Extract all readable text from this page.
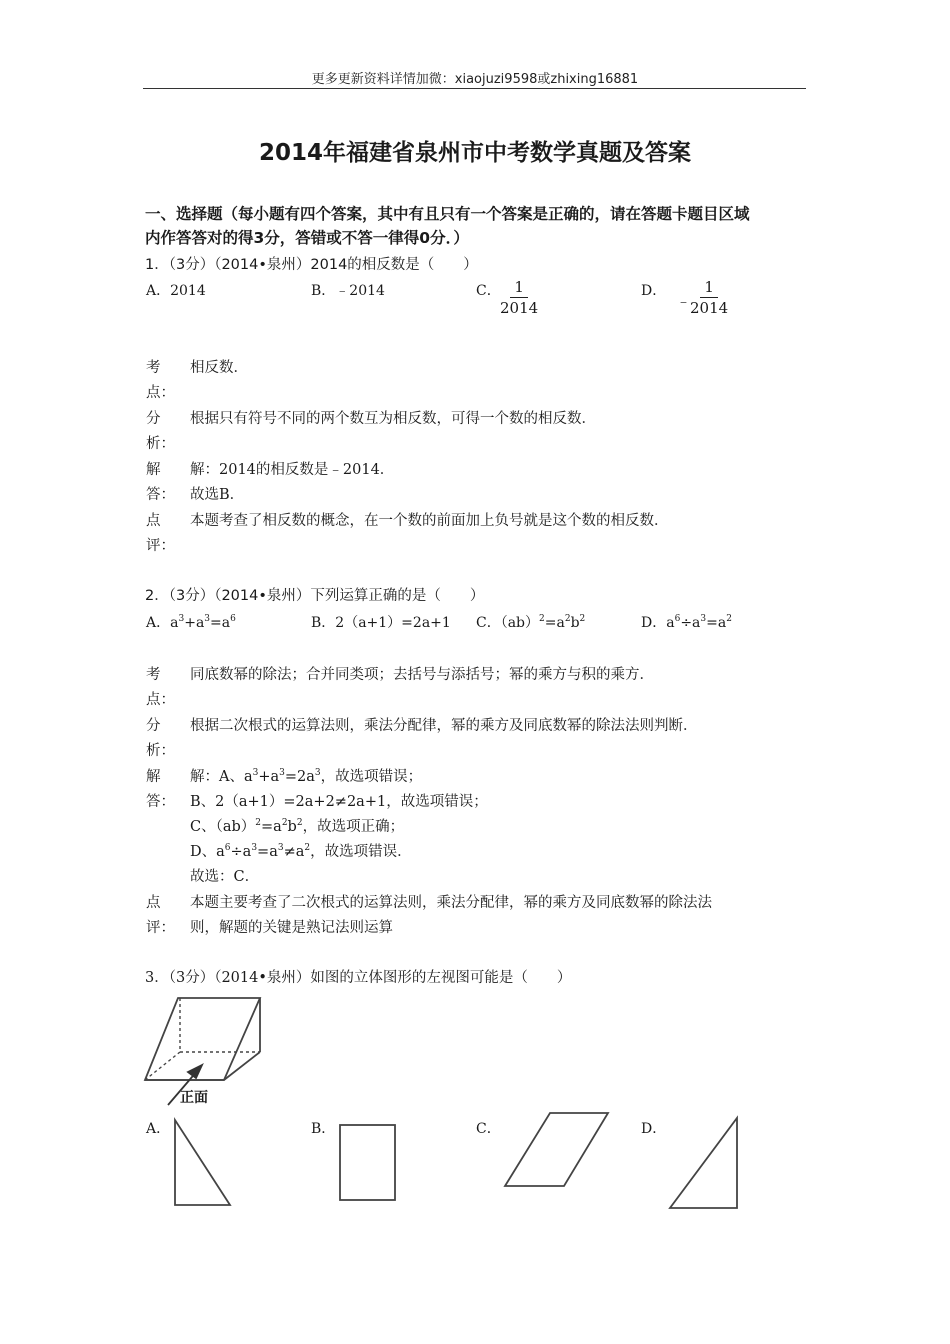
更多更新资料详情加微：xiaojuzi9598或zhixing16881
2014年福建省泉州市中考数学真题及答案
一、选择题（每小题有四个答案，其中有且只有一个答案是正确的，请在答题卡题目区域
内作答答对的得3分，答错或不答一律得0分．）
1．（3分）（2014•泉州）2014的相反数是（　　）
A．2014	B．﹣2014	C． $\frac{1}{2014}$	D．
﹣
$\frac{1}{2014}$
考
点：
相反数．
分
析：
根据只有符号不同的两个数互为相反数，可得一个数的相反数．
解
答：
解：2014的相反数是﹣2014．
故选B．
点
评：
本题考查了相反数的概念，在一个数的前面加上负号就是这个数的相反数．
2．（3分）（2014•泉州）下列运算正确的是（　　）
A．$a^3+a^3=a^6$	B．2（a+1）=2a+1 C．$(ab)^2=a^2b^2$	D．$a^6\div a^3=a^2$
考
点：
同底数幂的除法；合并同类项；去括号与添括号；幂的乘方与积的乘方．
分
析：
根据二次根式的运算法则，乘法分配律，幂的乘方及同底数幂的除法法则判断．
解
答：
解：A、$a^3+a^3=2a^3$，故选项错误；
B、2（a+1）=2a+2≠2a+1，故选项错误；
C、$(ab)^2=a^2b^2$，故选项正确；
D、$a^6\div a^3=a^3\ne a^2$，故选项错误．
故选：C．
点
评：
本题主要考查了二次根式的运算法则，乘法分配律，幂的乘方及同底数幂的除法法
则，解题的关键是熟记法则运算
3．（3分）（2014•泉州）如图的立体图形的左视图可能是（　　）
正面
A．	B．	C．	D．
